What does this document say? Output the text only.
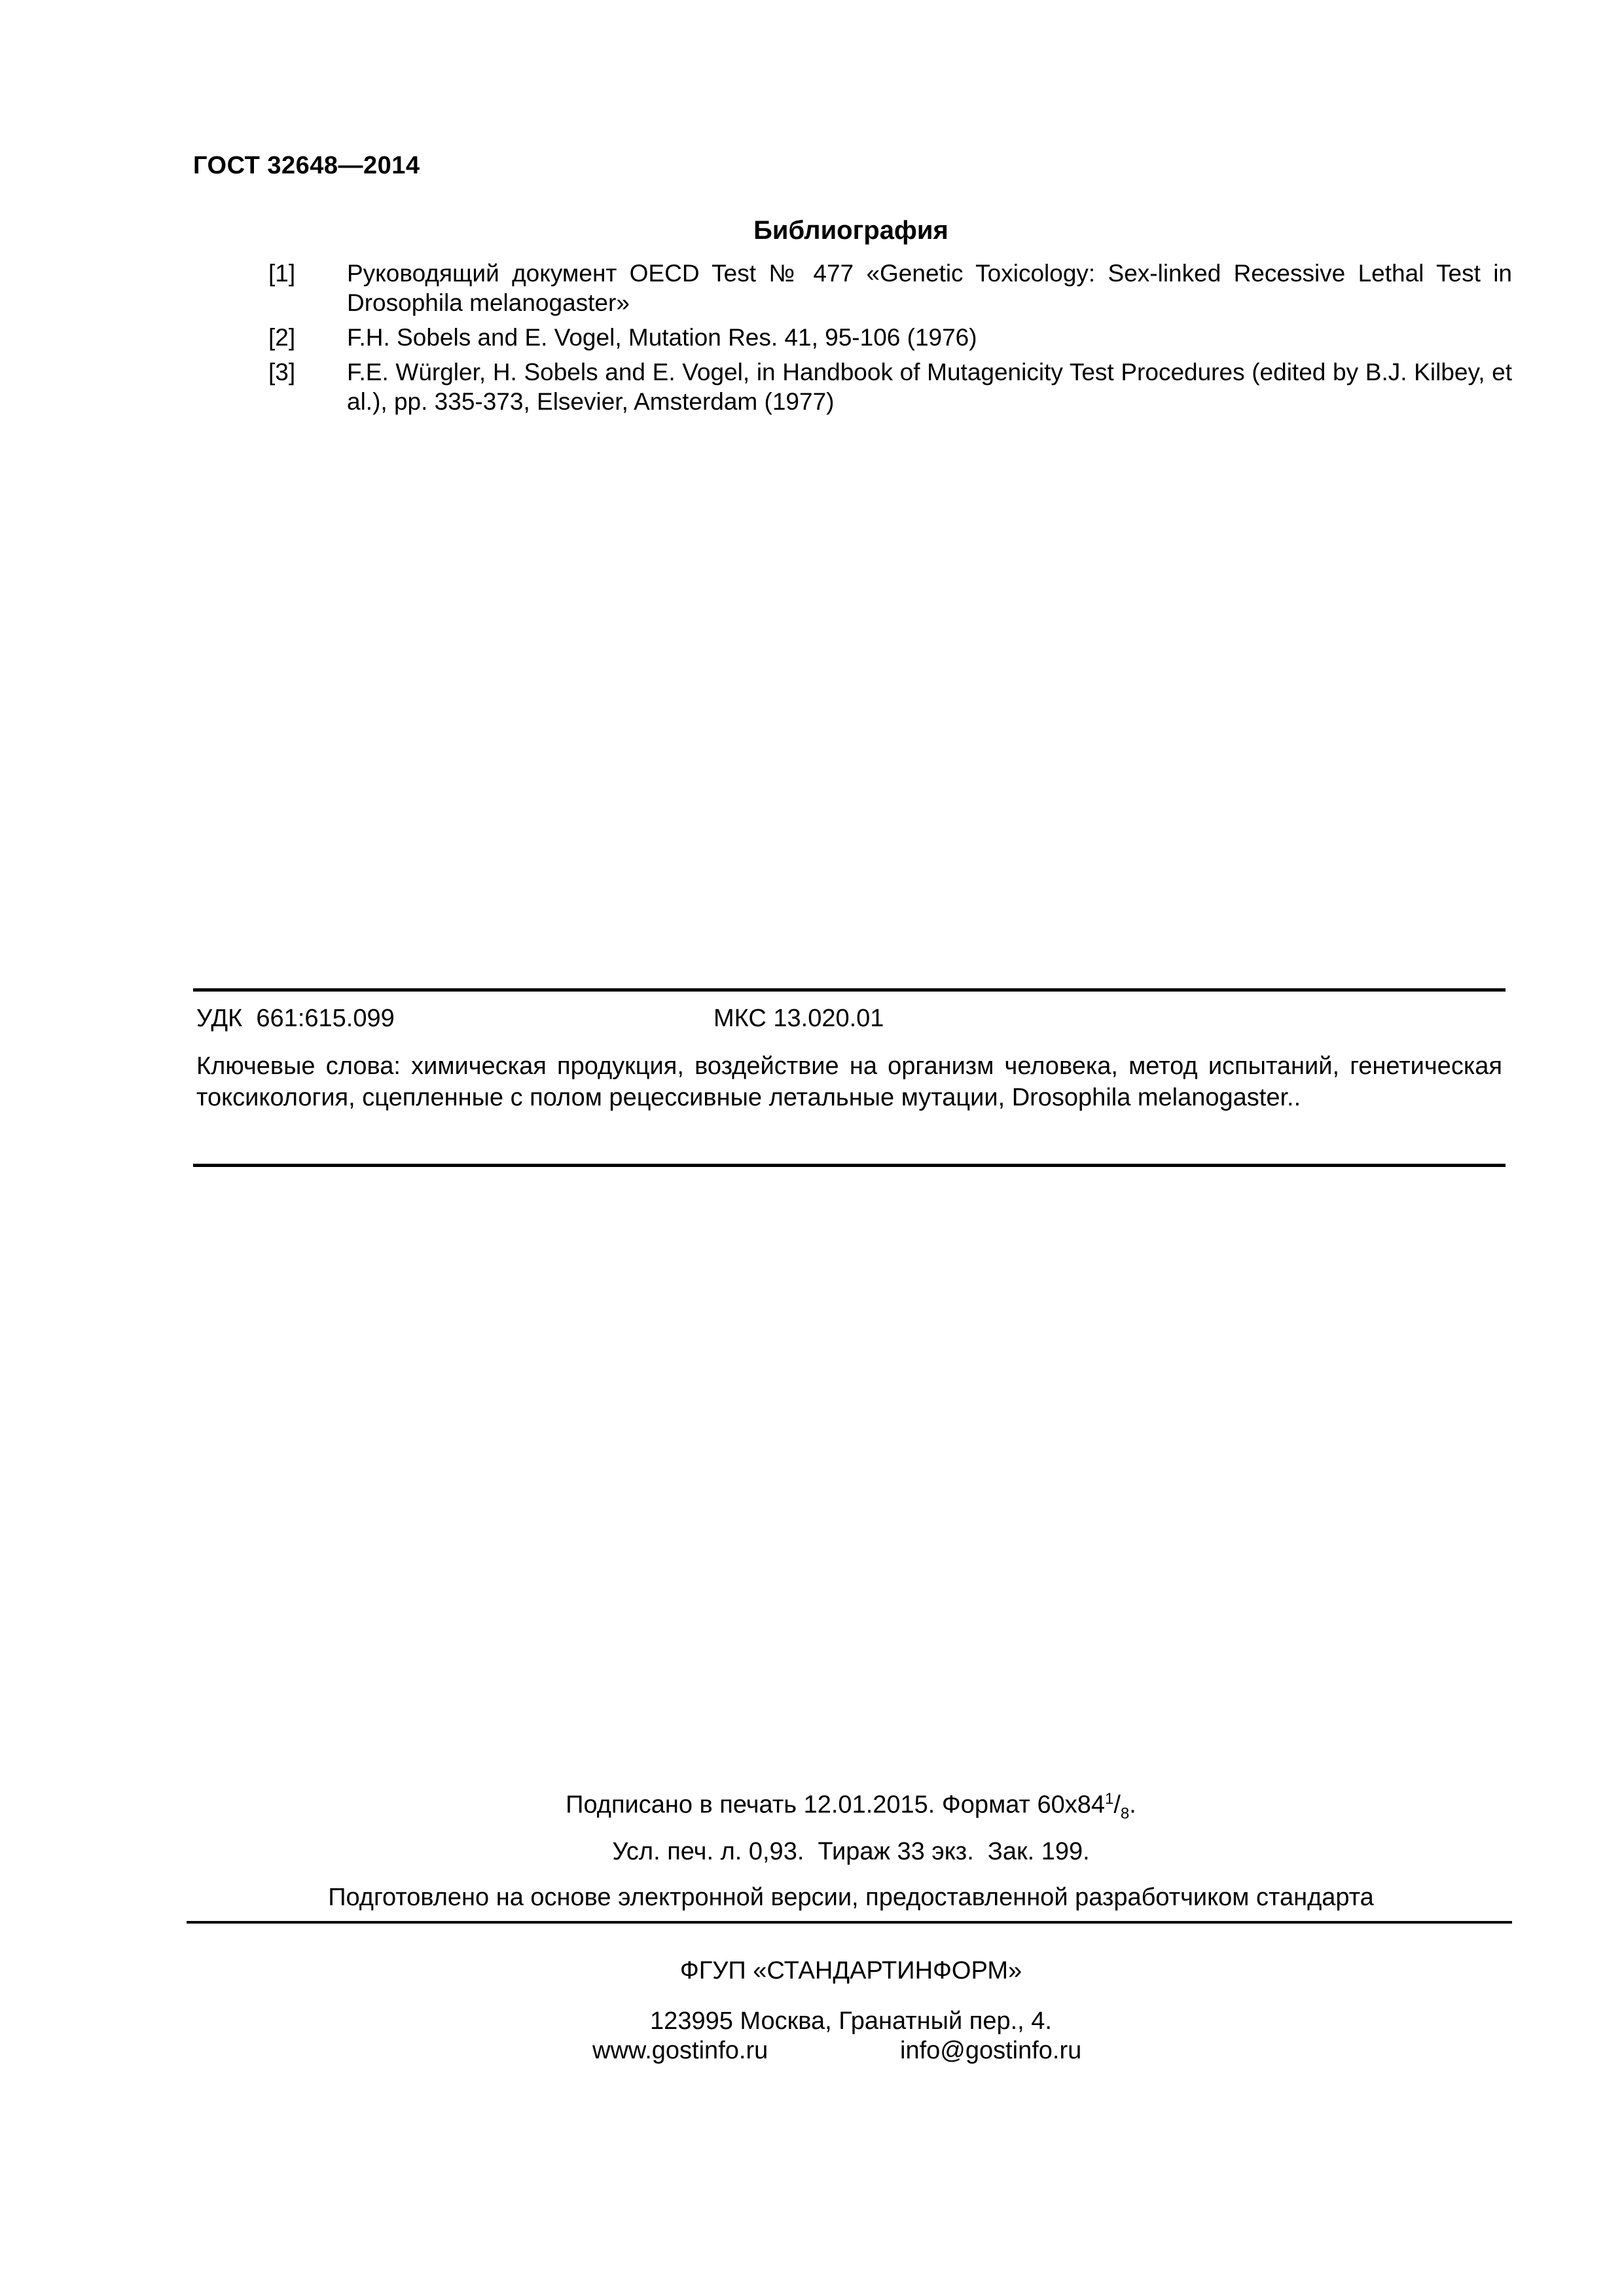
ГОСТ 32648—2014
Библиография
[1]	Руководящий документ OECD Test № 477 «Genetic Toxicology: Sex-linked Recessive Lethal Test in Drosophila melanogaster»
[2]	F.H. Sobels and E. Vogel, Mutation Res. 41, 95-106 (1976)
[3]	F.E. Würgler, H. Sobels and E. Vogel, in Handbook of Mutagenicity Test Procedures (edited by B.J. Kilbey, et al.), pp. 335-373, Elsevier, Amsterdam (1977)
УДК  661:615.099	МКС 13.020.01
Ключевые слова: химическая продукция, воздействие на организм человека, метод испытаний, генетическая токсикология, сцепленные с полом рецессивные летальные мутации, Drosophila melanogaster..
Подписано в печать 12.01.2015. Формат $60x84^1/_8$.
Усл. печ. л. 0,93.  Тираж 33 экз.  Зак. 199.
Подготовлено на основе электронной версии, предоставленной разработчиком стандарта
ФГУП «СТАНДАРТИНФОРМ»
123995 Москва, Гранатный пер., 4.
www.gostinfo.ru	info@gostinfo.ru
